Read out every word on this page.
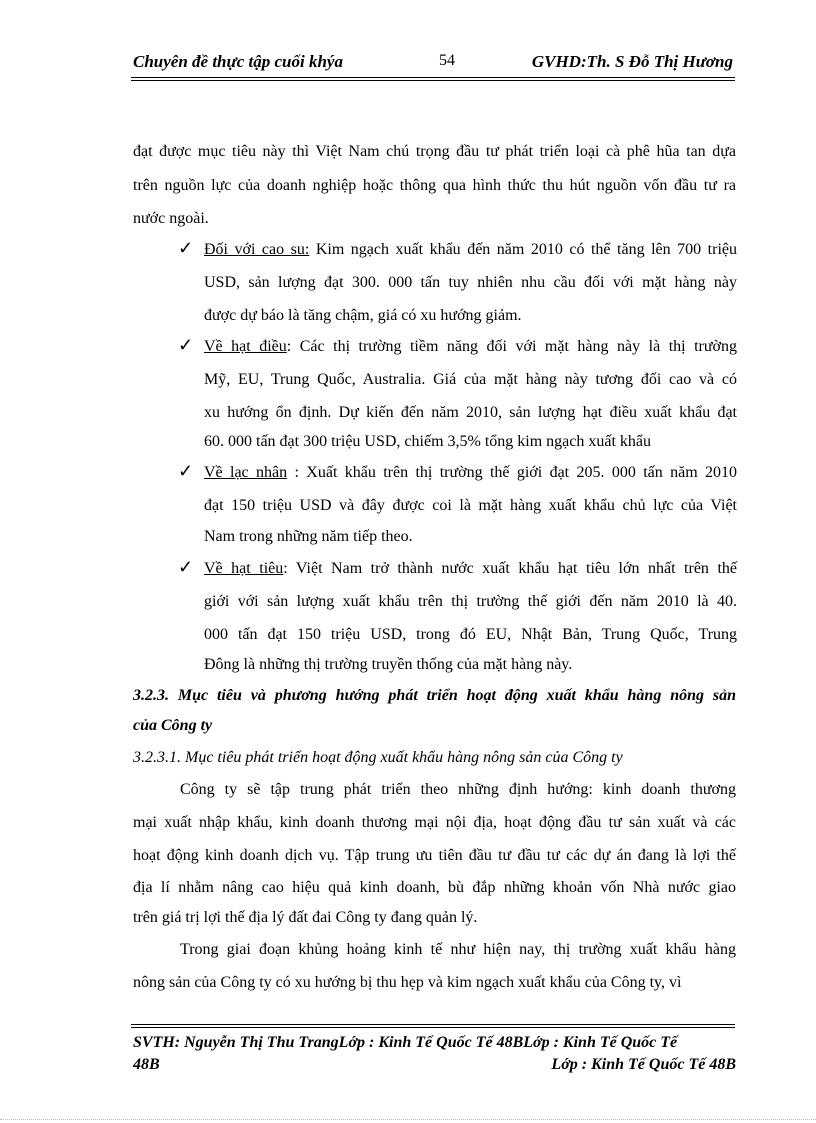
Chuyên đề thực tập cuối khýa	54	GVHD:Th. S Đỗ Thị Hương
đạt được mục tiêu này thì Việt Nam chú trọng đầu tư phát triển loại cà phê hũa tan dựa
trên nguồn lực của doanh nghiệp hoặc thông qua hình thức thu hút nguồn vốn đầu tư ra
nước ngoài.
✓ Đối với cao su: Kim ngạch xuất khẩu đến năm 2010 có thể tăng lên 700 triệu
USD, sản lượng đạt 300. 000 tấn tuy nhiên nhu cầu đối với mặt hàng này
được dự báo là tăng chậm, giá có xu hướng giảm.
✓ Về hạt điều: Các thị trường tiềm năng đối với mặt hàng này là thị trường
Mỹ, EU, Trung Quốc, Australia. Giá của mặt hàng này tương đối cao và có
xu hướng ổn định. Dự kiến đến năm 2010, sản lượng hạt điều xuất khẩu đạt
60. 000 tấn đạt 300 triệu USD, chiếm 3,5% tổng kim ngạch xuất khẩu
✓ Về lạc nhân : Xuất khẩu trên thị trường thế giới đạt 205. 000 tấn năm 2010
đạt 150 triệu USD và đây được coi là mặt hàng xuất khẩu chủ lực của Việt
Nam trong những năm tiếp theo.
✓ Về hạt tiêu: Việt Nam trở thành nước xuất khẩu hạt tiêu lớn nhất trên thế
giới với sản lượng xuất khẩu trên thị trường thế giới đến năm 2010 là 40.
000 tấn đạt 150 triệu USD, trong đó EU, Nhật Bản, Trung Quốc, Trung
Đông là những thị trường truyền thống của mặt hàng này.
3.2.3. Mục tiêu và phương hướng phát triển hoạt động xuất khẩu hàng nông sản
của Công ty
3.2.3.1. Mục tiêu phát triển hoạt động xuất khẩu hàng nông sản của Công ty
Công ty sẽ tập trung phát triển theo những định hướng: kinh doanh thương
mại xuất nhập khẩu, kinh doanh thương mại nội địa, hoạt động đầu tư sản xuất và các
hoạt động kinh doanh dịch vụ. Tập trung ưu tiên đầu tư đầu tư các dự án đang là lợi thế
địa lí nhằm nâng cao hiệu quả kinh doanh, bù đắp những khoản vốn Nhà nước giao
trên giá trị lợi thế địa lý đất đai Công ty đang quản lý.
Trong giai đoạn khủng hoảng kinh tế như hiện nay, thị trường xuất khẩu hàng
nông sản của Công ty có xu hướng bị thu hẹp và kim ngạch xuất khẩu của Công ty, vì
SVTH: Nguyễn Thị Thu TrangLớp : Kinh Tế Quốc Tế 48BLớp : Kinh Tế Quốc Tế
48B	Lớp : Kinh Tế Quốc Tế 48B
